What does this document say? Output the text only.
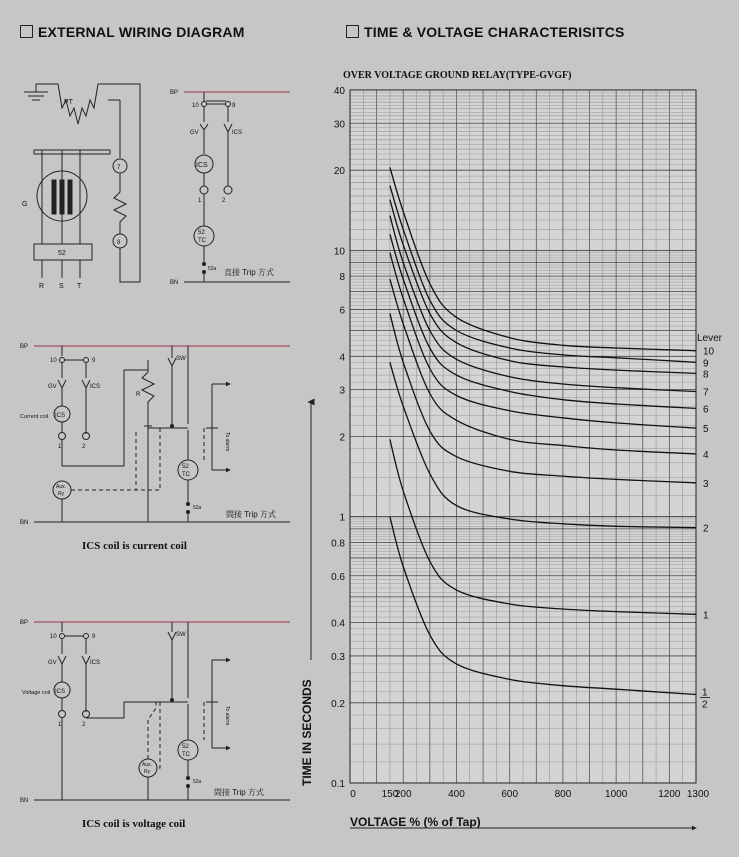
EXTERNAL WIRING DIAGRAM	TIME & VOLTAGE CHARACTERISITCS
PT
G
52
R S T
7
8
BP
10	9
GV	ICS
ICS
1	2
52
TC
52a
BN
直接 Trip 方式
BP
10	9
GV	ICS
Current coil ICS
1	2
R
SW
52
TC
52a
To alarm
Aux.
Ry
BN
間接 Trip 方式
BP
10	9
GV	ICS
Voltage coil ICS
1	2
SW
52
TC
52a
To alarm
Aux.
Ry
BN
間接 Trip 方式	0	150
200	400	600	800	1000	1200 1300
0.1
0.2
0.3
0.4
0.6
0.8
1
2
3
4
6
8
10
20
30
40
10
9
8
7
6
5
4
3
2
1
1
2
OVER VOLTAGE GROUND RELAY(TYPE-GVGF)
Lever
TIME IN SECONDS
VOLTAGE % (% of Tap)
ICS coil is current coil
ICS coil is voltage coil
